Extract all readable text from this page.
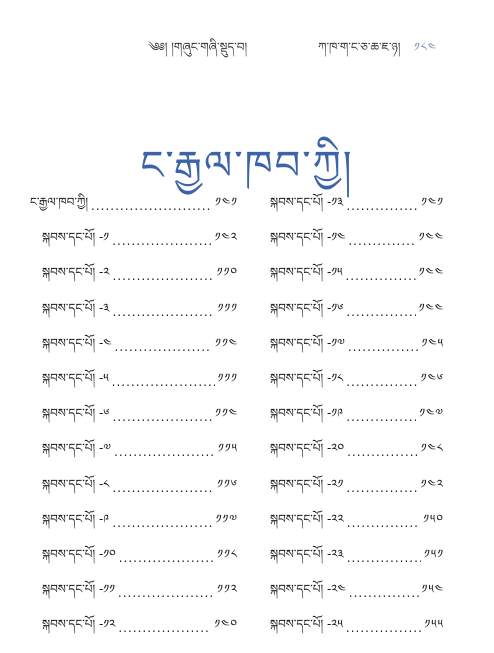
༄༅། །གཞུང་གཞི་སྡུད་བ།	ཀ་ཁ་ག་ང་ཅ་ཆ་ཇ་ཉ། ༡༨༤
ང་རྒྱལ་ཁབ་ཀྱི།
ང་རྒྱལ་ཁབ་ཀྱི། .....	༡༤༡
སྐབས་དང་པོ། -༡ .....	༡༤༢
སྐབས་དང་པོ། -༢ .....	༡༡༠
སྐབས་དང་པོ། -༣ .....	༡༡༡
སྐབས་དང་པོ། -༤ .....	༡༡༤
སྐབས་དང་པོ། -༥ .....	༡༡༡
སྐབས་དང་པོ། -༦ .....	༡༡༤
སྐབས་དང་པོ། -༧ .....	༡༡༥
སྐབས་དང་པོ། -༨ .....	༡༡༦
སྐབས་དང་པོ། -༩ .....	༡༡༧
སྐབས་དང་པོ། -༡༠ .....	༡༡༨
སྐབས་དང་པོ། -༡༡ .....	༡༡༢
སྐབས་དང་པོ། -༡༢ .....	༡༤༠
སྐབས་དང་པོ། -༡༣ .....	༡༤༡
སྐབས་དང་པོ། -༡༤ .....	༡༤༤
སྐབས་དང་པོ། -༡༥ .....	༡༤༤
སྐབས་དང་པོ། -༡༦ .....	༡༤༤
སྐབས་དང་པོ། -༡༧ .....	༡༤༥
སྐབས་དང་པོ། -༡༨ .....	༡༤༦
སྐབས་དང་པོ། -༡༩ .....	༡༤༧
སྐབས་དང་པོ། -༢༠ .....	༡༤༨
སྐབས་དང་པོ། -༢༡ .....	༡༤༢
སྐབས་དང་པོ། -༢༢ .....	༡༥༠
སྐབས་དང་པོ། -༢༣ .....	༡༥༡
སྐབས་དང་པོ། -༢༤ .....	༡༥༤
སྐབས་དང་པོ། -༢༥ .....	༡༥༥
